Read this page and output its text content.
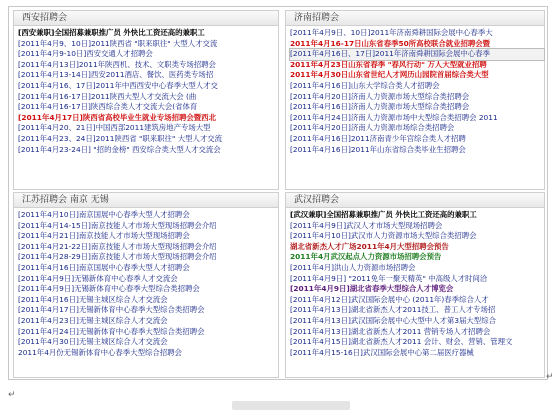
西安招聘会
[西安兼职]全国招募兼职推广员 外快比工资还高的兼职工
[2011年4月9、10日]2011陕西省 "职来职往" 大型人才交流
[2011年4月9-10日]西安交通人才招聘会
[2011年4月13日]2011年陕西机、技术、文职类专场招聘会
[2011年4月13-14日]西安2011酒店、餐饮、医药类专场招
[2011年4月16、17日]2011年中西西安中心春季大型人才交
[2011年4月16-17日]2011陕西大型人才交流大会 (曲
[2011年4月16-17日]陕西综合类人才交流大会(省体育
[2011年4月17日]陕西省高校毕业生就业专场招聘会暨西北
[2011年4月20、21日]中国西部2011建筑房地产专场大型
[2011年4月23、24日]2011陕西省 "职来职往" 大型人才交流
[2011年4月23-24日] "招的金榜" 西安综合类大型人才交流会
济南招聘会
[2011年4月9日、10日]2011年济南舜耕国际会展中心春季大
2011年4月16-17日山东省春季50所高校联合就业招聘会暨
[2011年4月16日、17日]2011年济南舜耕国际会展中心春季
2011年4月23日山东省春季 "春风行动" 万人大型就业招聘
2011年4月30日山东省世纪人才网历山园院首届综合类大型
[2011年4月16日]山东大学综合类人才招聘会
[2011年4月20日]济南人力资源市场大型综合类招聘会
[2011年4月16日]济南人力资源市场大型综合类招聘会
[2011年4月24日]济南人力资源市场中大型综合类招聘会 2011
[2011年4月20日]济南人力资源市场综合类招聘会
[2011年4月16日]2011济南青少年宫综合类人才招聘
[2011年4月16日]2011年山东省综合类毕业生招聘会
江苏招聘会 南京 无锡
[2011年4月10日]南京国展中心春季大型人才招聘会
[2011年4月14-15日]南京技能人才市场大型现场招聘会介绍
[2011年4月21日]南京技能人才市场大型现场招聘会
[2011年4月21-22日]南京技能人才市场大型现场招聘会介绍
[2011年4月28-29日]南京技能人才市场大型现场招聘会介绍
[2011年4月16日]南京国展中心春季大型人才招聘会
[2011年4月9日]无锡新体育中心春季人才交流会
[2011年4月9日]无锡新体育中心春季大型综合类招聘会
[2011年4月16日]无锡主城区综合人才交流会
[2011年4月17日]无锡新体育中心春季大型综合类招聘会
[2011年4月23日]无锡主城区综合人才交流会
[2011年4月24日]无锡新体育中心春季大型综合类招聘会
[2011年4月30日]无锡主城区综合人才交流会
2011年4月份无锡新体育中心春季大型综合招聘会
武汉招聘会
[武汉兼职]全国招募兼职推广员 外快比工资还高的兼职工
[2011年4月9日]武汉人才市场大型现场招聘会
[2011年4月10日]武汉市人力资源市场大型综合类招聘会
湖北省新杰人才广场2011年4月大型招聘会预告
2011年4月武汉起点人力资源市场招聘会预告
[2011年4月]洪山人力资源市场招聘会
[2011年4月9日] "2011免年一聚天精英" 中高级人才时间洽
[2011年4月9日]湖北省春季大型综合人才博览会
[2011年4月12日]武汉国际会展中心 (2011年)春季综合人才
[2011年4月13日]湖北省新杰人才2011技工、普工人才专场招
[2011年4月13日]武汉国际会展中心大型中人才第3届大型综合
[2011年4月13日]湖北省新杰人才2011 营销专场人才招聘会
[2011年4月15日]湖北省新杰人才2011 会计、财会、营销、管理文
[2011年4月15-16日]武汉国际会展中心第二届医疗器械
↵
↵
